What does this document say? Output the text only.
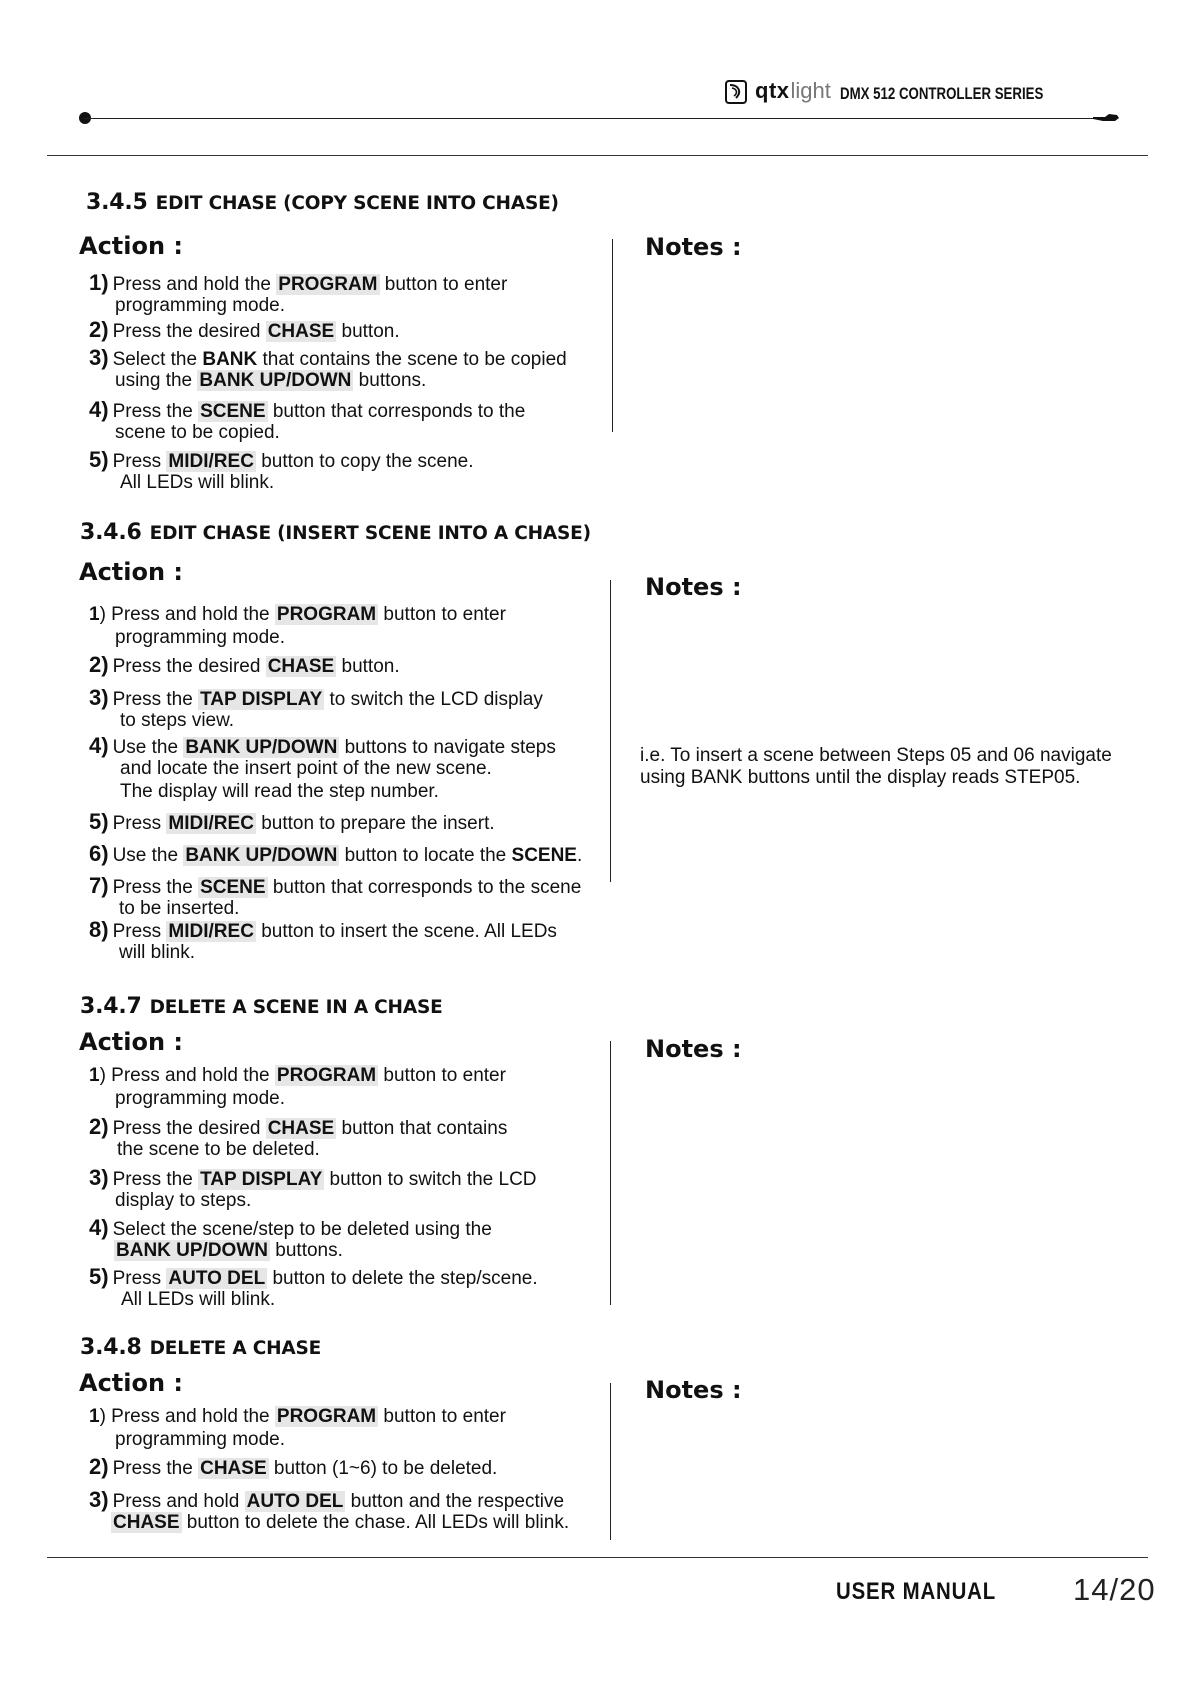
qtx light DMX 512 CONTROLLER SERIES
3.4.5 EDIT CHASE (COPY SCENE INTO CHASE)
Action :	Notes :
1) Press and hold the PROGRAM button to enter
programming mode.
2) Press the desired CHASE button.
3) Select the BANK that contains the scene to be copied
using the BANK UP/DOWN buttons.
4) Press the SCENE button that corresponds to the
scene to be copied.
5) Press MIDI/REC button to copy the scene.
All LEDs will blink.
3.4.6 EDIT CHASE (INSERT SCENE INTO A CHASE)
Action :
Notes :
1) Press and hold the PROGRAM button to enter
programming mode.
2) Press the desired CHASE button.
3) Press the TAP DISPLAY to switch the LCD display
to steps view.
4) Use the BANK UP/DOWN buttons to navigate steps
and locate the insert point of the new scene.
The display will read the step number.
5) Press MIDI/REC button to prepare the insert.
6) Use the BANK UP/DOWN button to locate the SCENE.
7) Press the SCENE button that corresponds to the scene
to be inserted.
8) Press MIDI/REC button to insert the scene. All LEDs
will blink.
i.e. To insert a scene between Steps 05 and 06 navigate using BANK buttons until the display reads STEP05.
3.4.7 DELETE A SCENE IN A CHASE
Action :	Notes :
1) Press and hold the PROGRAM button to enter
programming mode.
2) Press the desired CHASE button that contains
the scene to be deleted.
3) Press the TAP DISPLAY button to switch the LCD
display to steps.
4) Select the scene/step to be deleted using the
BANK UP/DOWN buttons.
5) Press AUTO DEL button to delete the step/scene.
All LEDs will blink.
3.4.8 DELETE A CHASE
Action :	Notes :
1) Press and hold the PROGRAM button to enter
programming mode.
2) Press the CHASE button (1~6) to be deleted.
3) Press and hold AUTO DEL button and the respective
CHASE button to delete the chase. All LEDs will blink.
USER MANUAL 14/20
